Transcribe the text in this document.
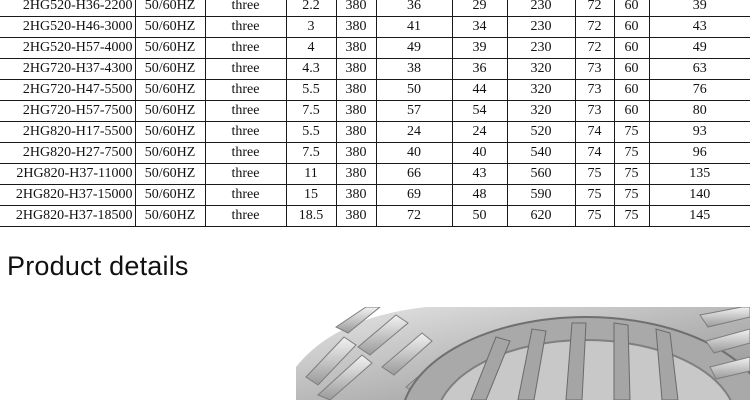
2HG520-H36-2200	50/60HZ	three	2.2	380	36	29	230	72	60	39
2HG520-H46-3000	50/60HZ	three	3	380	41	34	230	72	60	43
2HG520-H57-4000	50/60HZ	three	4	380	49	39	230	72	60	49
2HG720-H37-4300	50/60HZ	three	4.3	380	38	36	320	73	60	63
2HG720-H47-5500	50/60HZ	three	5.5	380	50	44	320	73	60	76
2HG720-H57-7500	50/60HZ	three	7.5	380	57	54	320	73	60	80
2HG820-H17-5500	50/60HZ	three	5.5	380	24	24	520	74	75	93
2HG820-H27-7500	50/60HZ	three	7.5	380	40	40	540	74	75	96
2HG820-H37-11000	50/60HZ	three	11	380	66	43	560	75	75	135
2HG820-H37-15000	50/60HZ	three	15	380	69	48	590	75	75	140
2HG820-H37-18500	50/60HZ	three	18.5	380	72	50	620	75	75	145
Product details
